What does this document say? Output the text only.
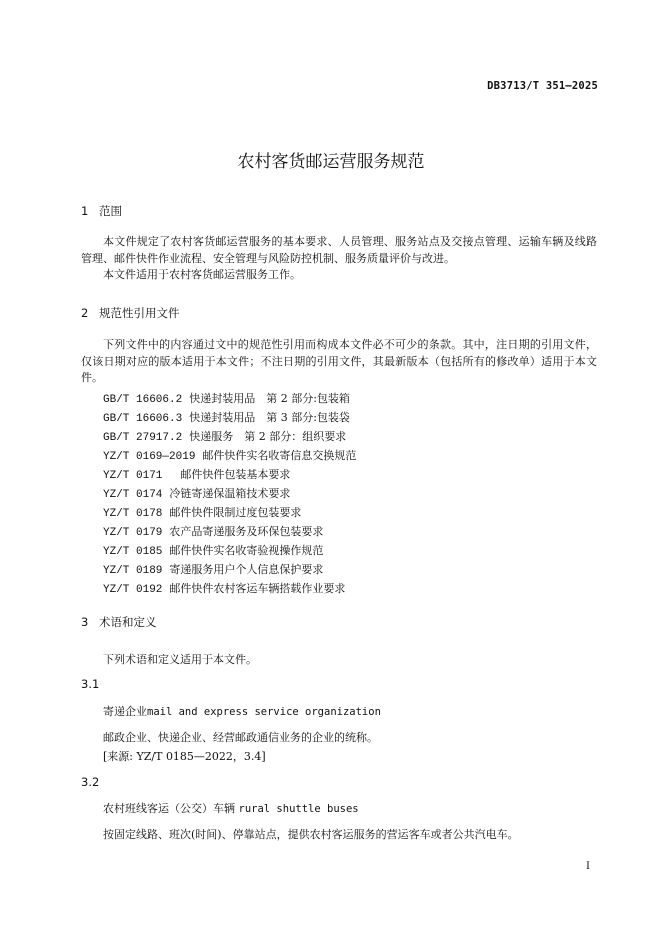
DB3713/T 351—2025
农村客货邮运营服务规范
1 范围

本文件规定了农村客货邮运营服务的基本要求、人员管理、服务站点及交接点管理、运输车辆及线路管理、邮件快件作业流程、安全管理与风险防控机制、服务质量评价与改进。

本文件适用于农村客货邮运营服务工作。

2 规范性引用文件

下列文件中的内容通过文中的规范性引用而构成本文件必不可少的条款。其中，注日期的引用文件，仅该日期对应的版本适用于本文件；不注日期的引用文件，其最新版本（包括所有的修改单）适用于本文件。

GB/T 16606.2 快递封装用品　第 2 部分:包装箱
GB/T 16606.3 快递封装用品　第 3 部分:包装袋
GB/T 27917.2 快递服务　第 2 部分：组织要求
YZ/T 0169—2019 邮件快件实名收寄信息交换规范
YZ/T 0171  　邮件快件包装基本要求
YZ/T 0174 冷链寄递保温箱技术要求
YZ/T 0178 邮件快件限制过度包装要求
YZ/T 0179 农产品寄递服务及环保包装要求
YZ/T 0185 邮件快件实名收寄验视操作规范
YZ/T 0189 寄递服务用户个人信息保护要求
YZ/T 0192 邮件快件农村客运车辆搭载作业要求
3 术语和定义
下列术语和定义适用于本文件。
3.1
寄递企业mail and express service organization
邮政企业、快递企业、经营邮政通信业务的企业的统称。
[来源: YZ/T 0185—2022，3.4]
3.2
农村班线客运（公交）车辆 rural shuttle buses
按固定线路、班次(时间)、停靠站点，提供农村客运服务的营运客车或者公共汽电车。
I
